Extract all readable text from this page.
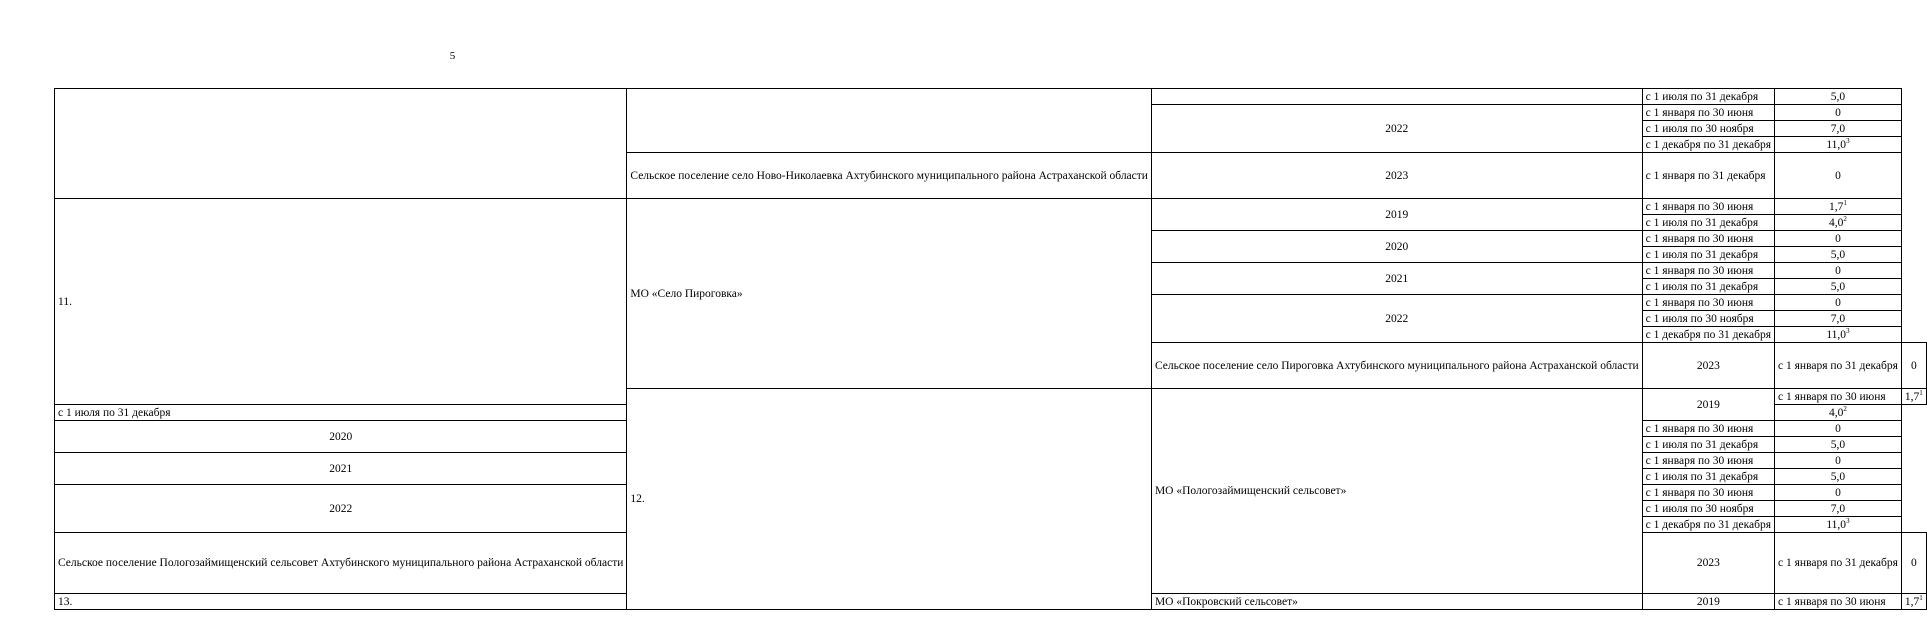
5
			с 1 июля по 31 декабря	5,0	
		2022	с 1 января по 30 июня	0	
			с 1 июля по 30 ноября	7,0	
			с 1 декабря по 31 декабря	11,0$^3$
	Сельское поселение село Ново-Николаевка Ахтубинского муниципального района Астраханской области	2023	с 1 января по 31 декабря	0	
11.	МО «Село Пироговка»	2019	с 1 января по 30 июня	$1,7^1$
			с 1 июля по 31 декабря	$4,0^2$
		2020	с 1 января по 30 июня	0	
			с 1 июля по 31 декабря	5,0	
		2021	с 1 января по 30 июня	0	
			с 1 июля по 31 декабря	5,0	
		2022	с 1 января по 30 июня	0	
			с 1 июля по 30 ноября	7,0	
			с 1 декабря по 31 декабря	11,0$^3$
		Сельское поселение село Пироговка Ахтубинского муниципального района Астраханской области	2023	с 1 января по 31 декабря	0
	12.	МО «Пологозаймищенский сельсовет»	2019	с 1 января по 30 июня	$1,7^1$
с 1 июля по 31 декабря				$4,0^2$
2020			с 1 января по 30 июня	0	
			с 1 июля по 31 декабря	5,0	
2021			с 1 января по 30 июня	0	
			с 1 июля по 31 декабря	5,0	
2022			с 1 января по 30 июня	0	
			с 1 июля по 30 ноября	7,0	
			с 1 декабря по 31 декабря	11,0$^3$
Сельское поселение Пологозаймищенский сельсовет Ахтубинского муниципального района Астраханской области			2023	с 1 января по 31 декабря	0
13.		МО «Покровский сельсовет»	2019	с 1 января по 30 июня	$1,7^1$
